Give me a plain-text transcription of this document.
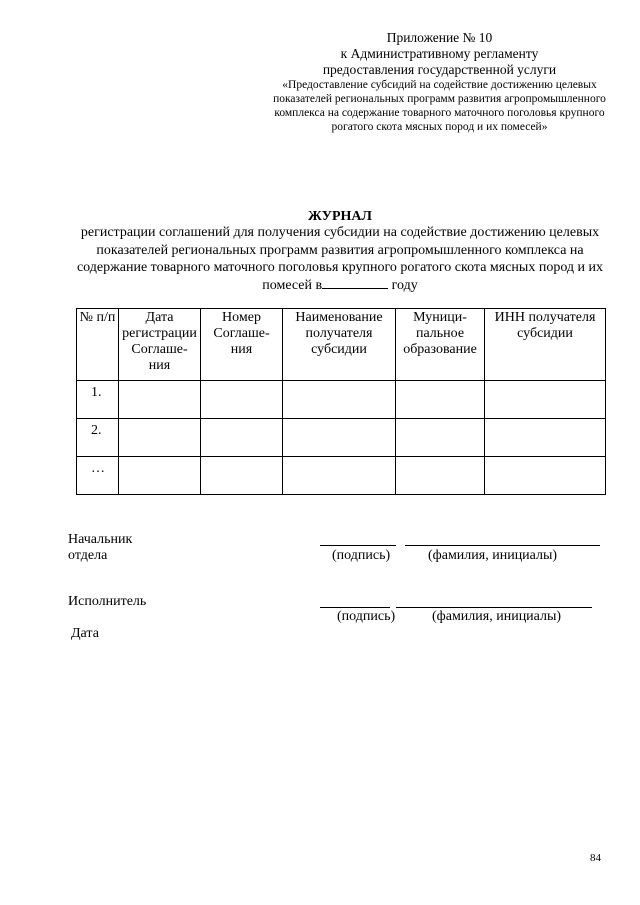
Приложение № 10
к Административному регламенту
предоставления государственной услуги
«Предоставление субсидий на содействие достижению целевых показателей региональных программ развития агропромышленного комплекса на содержание товарного маточного поголовья крупного рогатого скота мясных пород и их помесей»
ЖУРНАЛ
регистрации соглашений для получения субсидии на содействие достижению целевых показателей региональных программ развития агропромышленного комплекса на содержание товарного маточного поголовья крупного рогатого скота мясных пород и их помесей в	году
№ п/п	Дата регистрации Соглаше-ния	Номер Соглаше-ния	Наименование получателя субсидии	Муници-пальное образование	ИНН получателя субсидии
1.					
2.					
…					
Начальник отдела	(подпись)	(фамилия, инициалы)
Исполнитель
(подпись)	(фамилия, инициалы)
Дата
84
